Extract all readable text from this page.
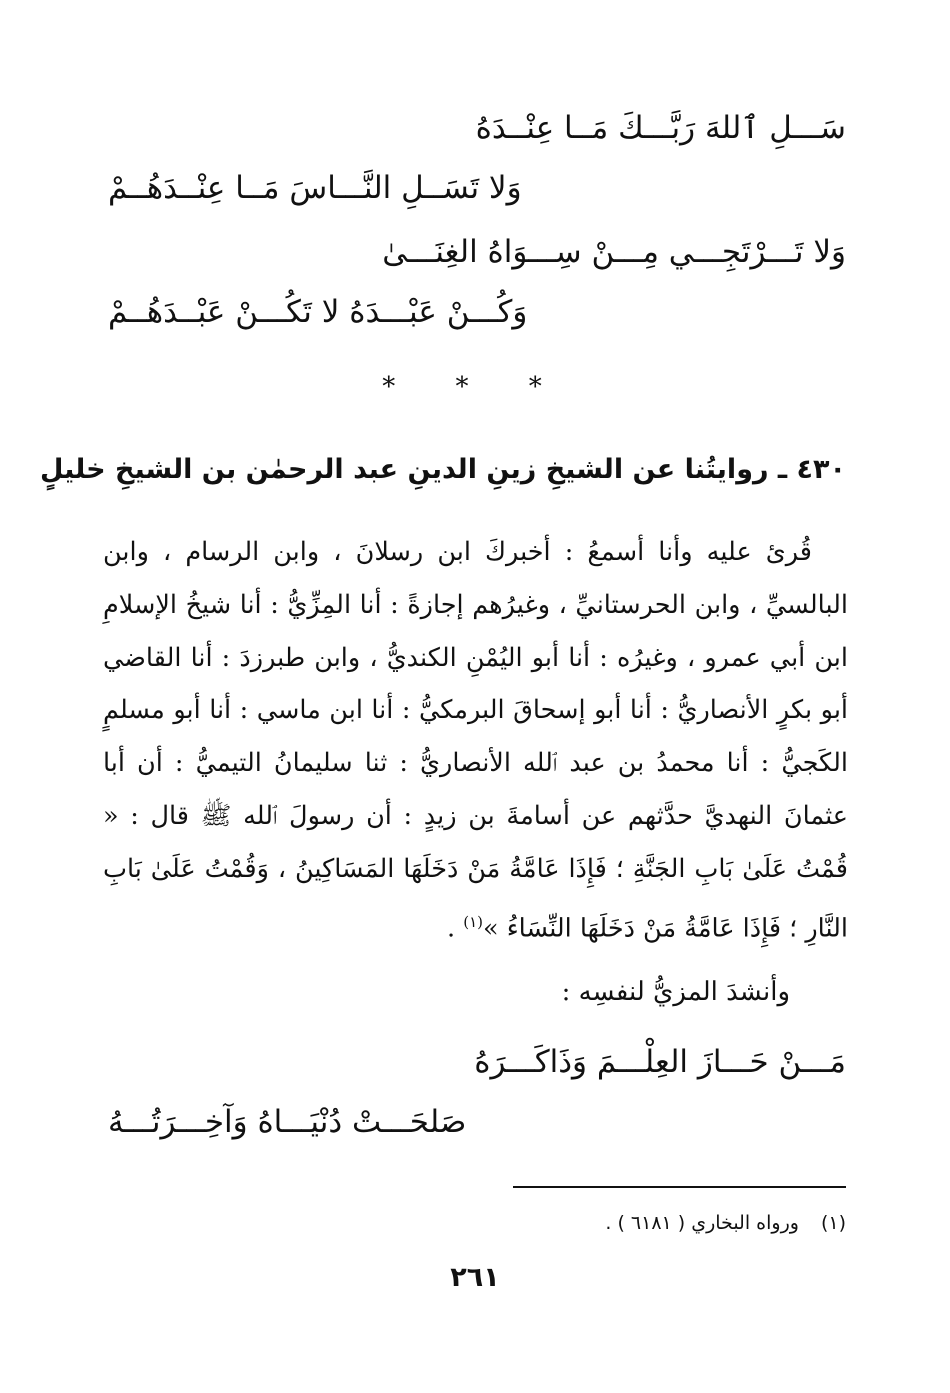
سَـــلِ ٱللهَ رَبَّـــكَ مَــا عِنْــدَهُ
وَلا تَسَــلِ النَّـــاسَ مَــا عِنْــدَهُــمْ
وَلا تَـــرْتَجِـــي مِـــنْ سِـــوَاهُ الغِنَـــىٰ
وَكُـــنْ عَبْـــدَهُ لا تَكُـــنْ عَبْــدَهُــمْ
* * *
٤٣٠ ـ روايتُنا عن الشيخِ زينِ الدينِ عبد الرحمٰن بن الشيخِ خليلٍ

قُرئ عليه وأنا أسمعُ : أخبركَ ابن رسلانَ ، وابن الرسام ، وابن البالسيِّ ، وابن الحرستانيِّ ، وغيرُهم إجازةً : أنا المِزِّيُّ : أنا شيخُ الإسلامِ ابن أبي عمرو ، وغيرُه : أنا أبو اليُمْنِ الكنديُّ ، وابن طبرزدَ : أنا القاضي أبو بكرٍ الأنصاريُّ : أنا أبو إسحاقَ البرمكيُّ : أنا ابن ماسي : أنا أبو مسلمٍ الكَجيُّ : أنا محمدُ بن عبد ٱلله الأنصاريُّ : ثنا سليمانُ التيميُّ : أن أبا عثمانَ النهديَّ حدَّثهم عن أسامةَ بن زيدٍ : أن رسولَ ٱلله ﷺ قال : « قُمْتُ عَلَىٰ بَابِ الجَنَّةِ ؛ فَإِذَا عَامَّةُ مَنْ دَخَلَهَا المَسَاكِينُ ، وَقُمْتُ عَلَىٰ بَابِ النَّارِ ؛ فَإِذَا عَامَّةُ مَنْ دَخَلَهَا النِّسَاءُ »$^{(١)}$ .

وأنشدَ المزيُّ لنفسِه :
مَـــنْ حَـــازَ العِلْـــمَ وَذَاكَـــرَهُ
صَلحَـــتْ دُنْيَـــاهُ وَآخِـــرَتُـــهُ
(١)ورواه البخاري ( ٦١٨١ ) .
٢٦١
